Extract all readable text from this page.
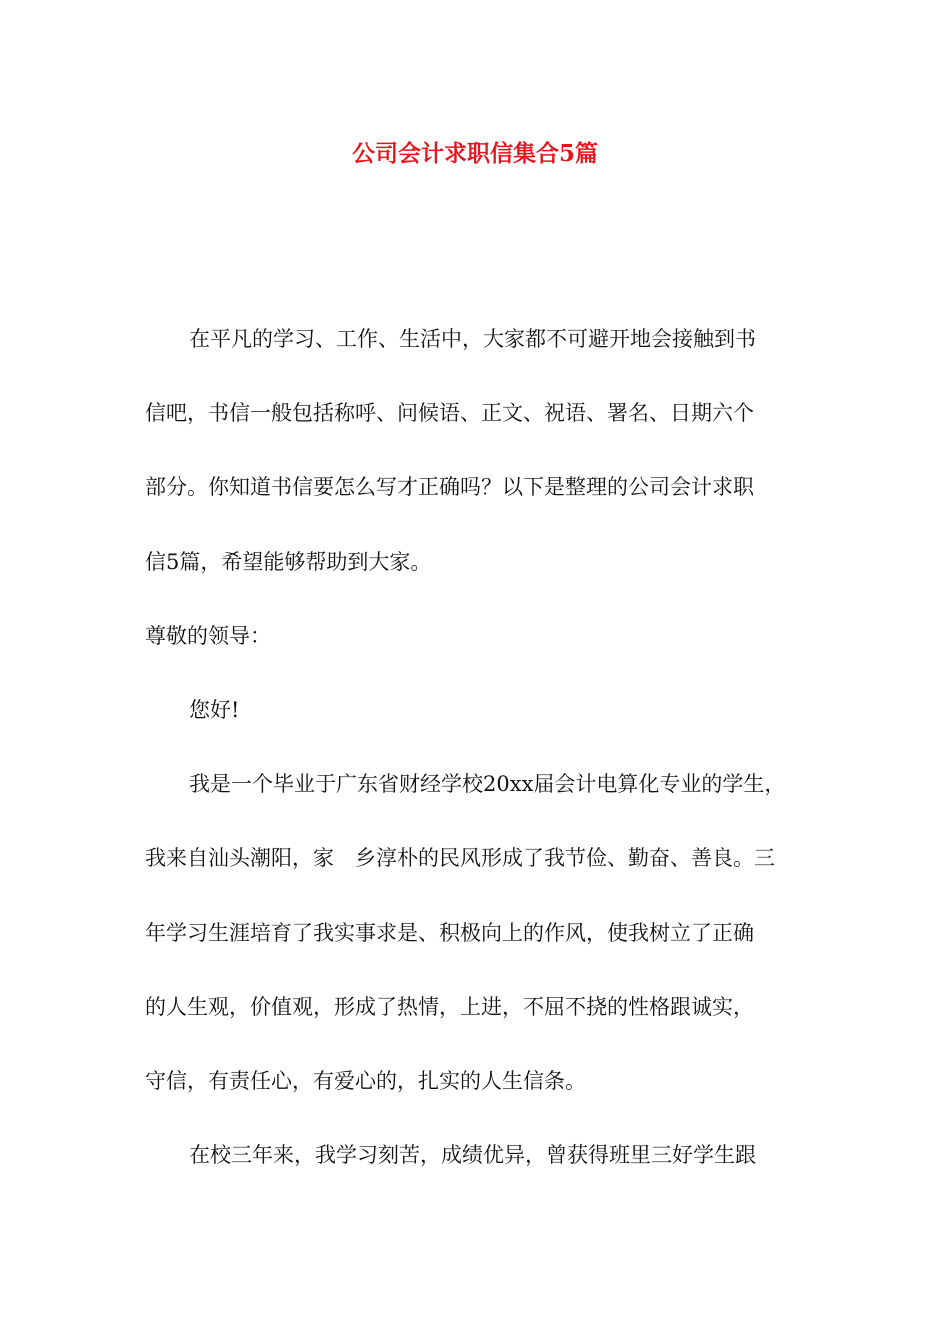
公司会计求职信集合5篇
在平凡的学习、工作、生活中，大家都不可避开地会接触到书
信吧，书信一般包括称呼、问候语、正文、祝语、署名、日期六个
部分。你知道书信要怎么写才正确吗？以下是整理的公司会计求职
信5篇，希望能够帮助到大家。
尊敬的领导：
您好!
我是一个毕业于广东省财经学校20xx届会计电算化专业的学生，
我来自汕头潮阳，家　乡淳朴的民风形成了我节俭、勤奋、善良。三
年学习生涯培育了我实事求是、积极向上的作风，使我树立了正确
的人生观，价值观，形成了热情，上进，不屈不挠的性格跟诚实，
守信，有责任心，有爱心的，扎实的人生信条。
在校三年来，我学习刻苦，成绩优异，曾获得班里三好学生跟
